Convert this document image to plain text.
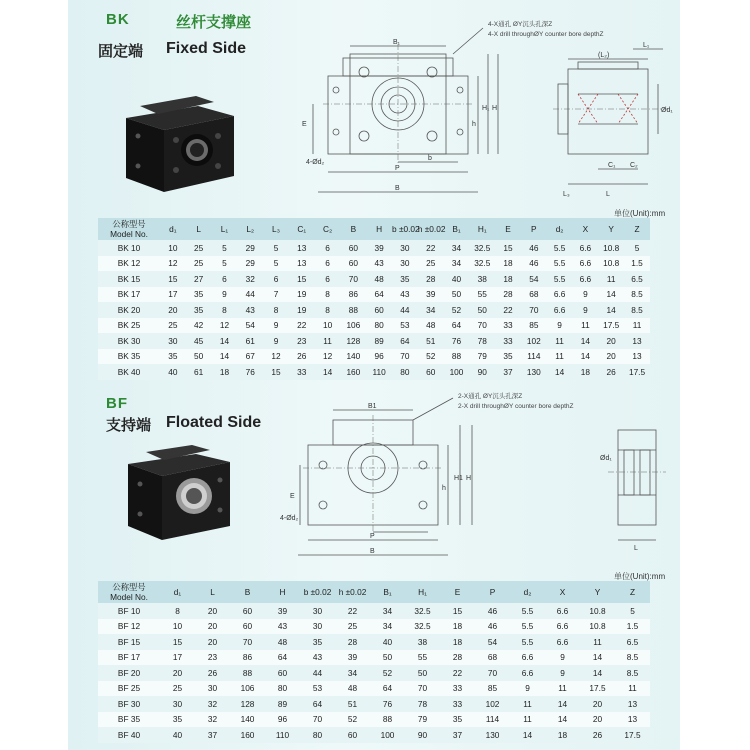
BK	丝杆支撑座
固定端 Fixed Side
4-X通孔 ØY沉头孔深Z
4-X drill throughØY counter bore depthZ
B₁
P
B
b
E	h
H₁ H
4-Ød₂
(L₂)
L₁
L₃
C₁ C₂
L
Ød₁
单位(Unit):mm
公称型号
Model No.	d₁	L	L₁	L₂	L₃	C₁	C₂	B	H	b ±0.02	h ±0.02	B₁	H₁	E	P	d₂	X	Y	Z
BK 10	10	25	5	29	5	13	6	60	39	30	22	34	32.5	15	46	5.5	6.6	10.8	5
BK 12	12	25	5	29	5	13	6	60	43	30	25	34	32.5	18	46	5.5	6.6	10.8	1.5
BK 15	15	27	6	32	6	15	6	70	48	35	28	40	38	18	54	5.5	6.6	11	6.5
BK 17	17	35	9	44	7	19	8	86	64	43	39	50	55	28	68	6.6	9	14	8.5
BK 20	20	35	8	43	8	19	8	88	60	44	34	52	50	22	70	6.6	9	14	8.5
BK 25	25	42	12	54	9	22	10	106	80	53	48	64	70	33	85	9	11	17.5	11
BK 30	30	45	14	61	9	23	11	128	89	64	51	76	78	33	102	11	14	20	13
BK 35	35	50	14	67	12	26	12	140	96	70	52	88	79	35	114	11	14	20	13
BK 40	40	61	18	76	15	33	14	160	110	80	60	100	90	37	130	14	18	26	17.5
BF
支持端 Floated Side
2-X通孔 ØY沉头孔深Z
2-X drill throughØY counter bore depthZ
B1
P
B
E
h
H1 H
4-Ød₂
Ød₁
L
单位(Unit):mm
公称型号
Model No.	d₁	L	B	H	b ±0.02	h ±0.02	B₁	H₁	E	P	d₂	X	Y	Z
BF 10	8	20	60	39	30	22	34	32.5	15	46	5.5	6.6	10.8	5
BF 12	10	20	60	43	30	25	34	32.5	18	46	5.5	6.6	10.8	1.5
BF 15	15	20	70	48	35	28	40	38	18	54	5.5	6.6	11	6.5
BF 17	17	23	86	64	43	39	50	55	28	68	6.6	9	14	8.5
BF 20	20	26	88	60	44	34	52	50	22	70	6.6	9	14	8.5
BF 25	25	30	106	80	53	48	64	70	33	85	9	11	17.5	11
BF 30	30	32	128	89	64	51	76	78	33	102	11	14	20	13
BF 35	35	32	140	96	70	52	88	79	35	114	11	14	20	13
BF 40	40	37	160	110	80	60	100	90	37	130	14	18	26	17.5
